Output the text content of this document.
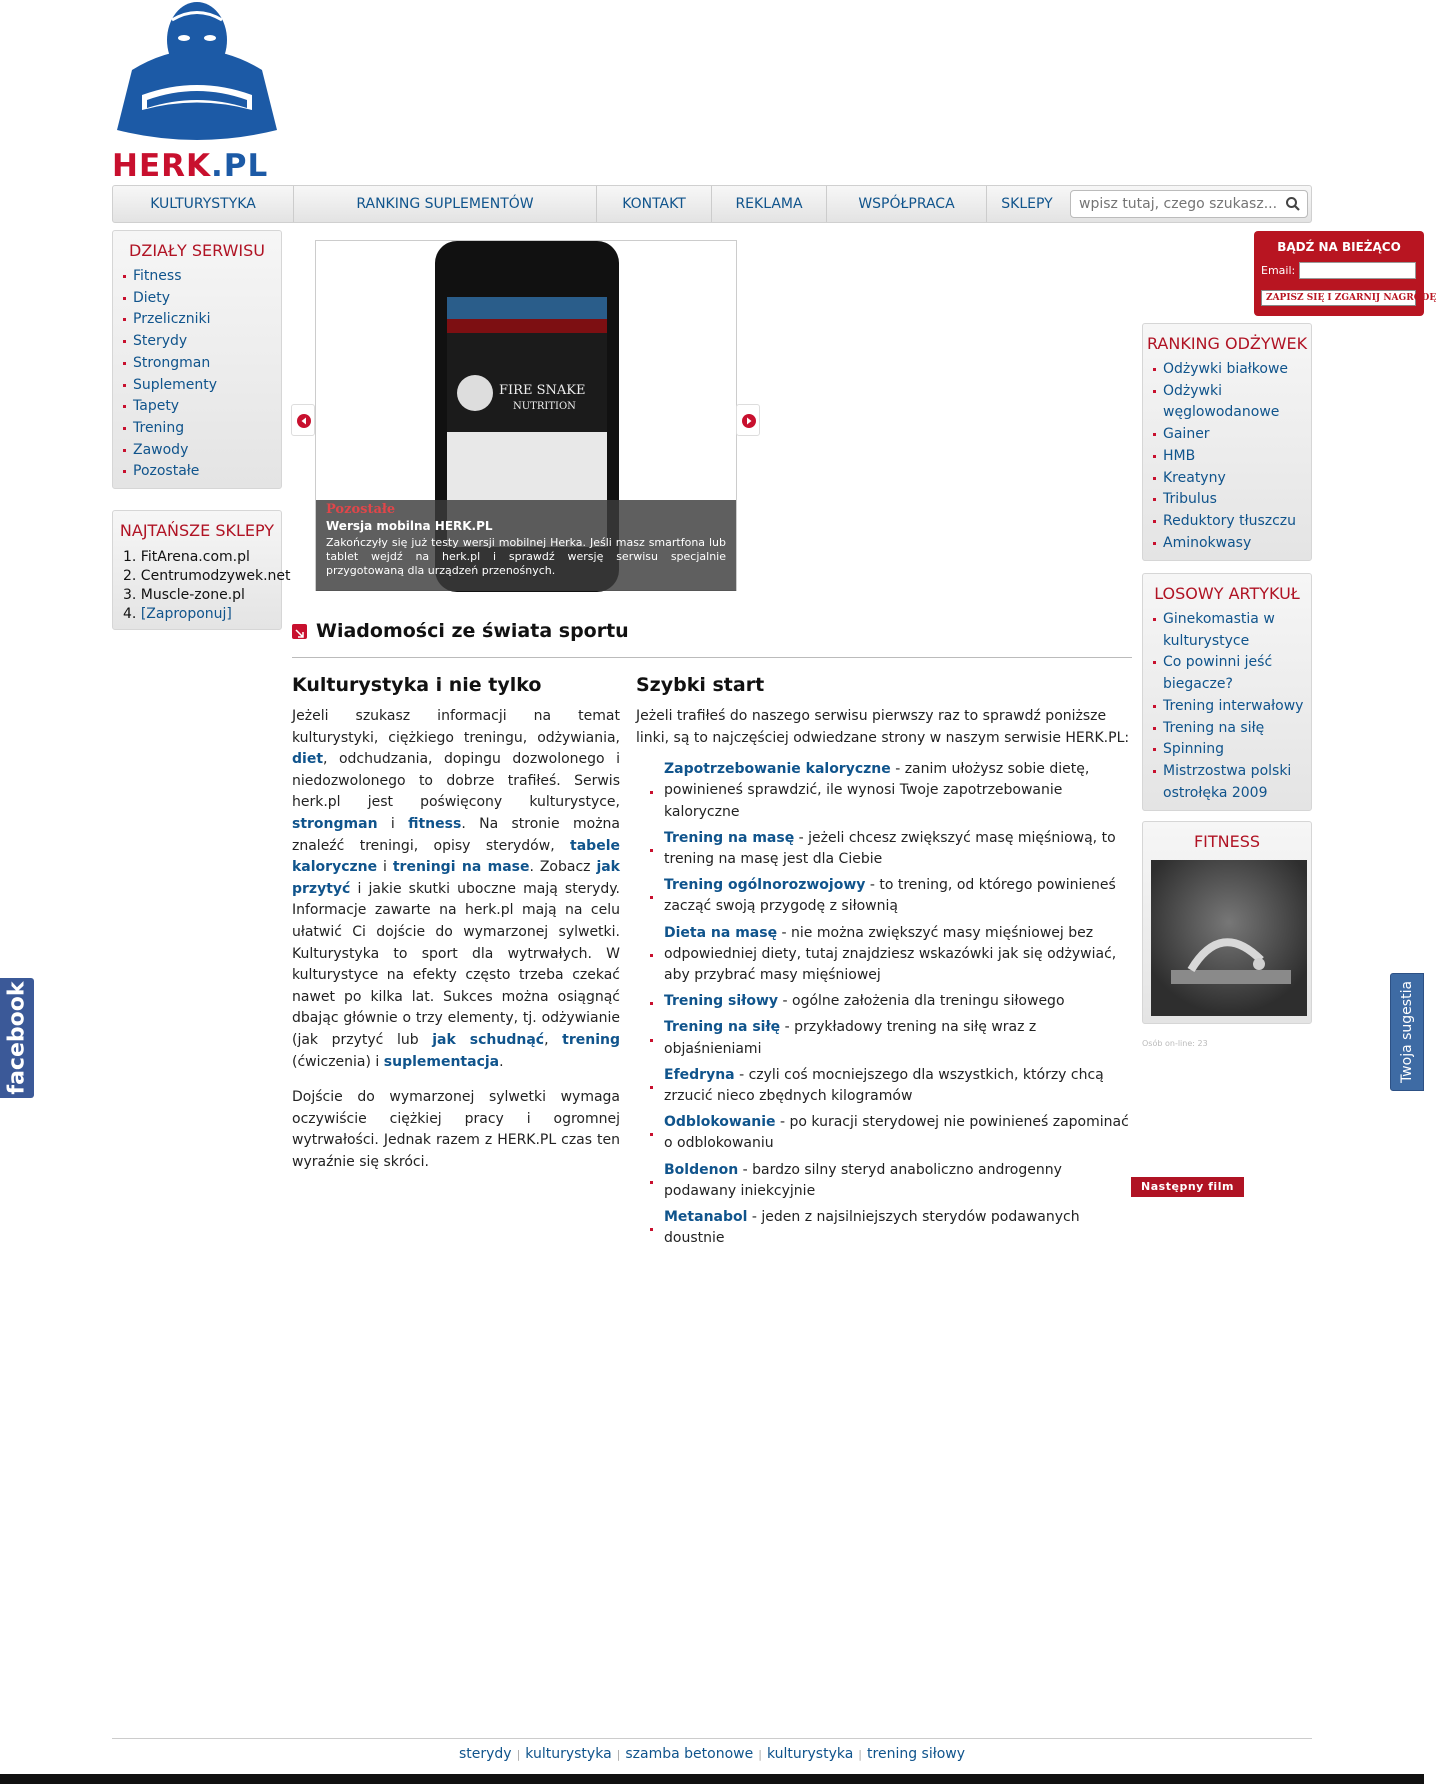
HERK.PL
KULTURYSTYKA	RANKING SUPLEMENTÓW	KONTAKT	REKLAMA	WSPÓŁPRACA	SKLEPY
wpisz tutaj, czego szukasz...
DZIAŁY SERWISU
Fitness
Diety
Przeliczniki
Sterydy
Strongman
Suplementy
Tapety
Trening
Zawody
Pozostałe
NAJTAŃSZE SKLEPY
1. FitArena.com.pl
2. Centrumodzywek.net
3. Muscle-zone.pl
4. [Zaproponuj]
FIRE SNAKE
NUTRITION
Pozostałe
Wersja mobilna HERK.PL
Zakończyły się już testy wersji mobilnej Herka. Jeśli masz smartfona lub tablet wejdź na herk.pl i sprawdź wersję serwisu specjalnie przygotowaną dla urządzeń przenośnych.
Wiadomości ze świata sportu
Kulturystyka i nie tylko
Jeżeli szukasz informacji na temat kulturystyki, ciężkiego treningu, odżywiania, diet, odchudzania, dopingu dozwolonego i niedozwolonego to dobrze trafiłeś. Serwis herk.pl jest poświęcony kulturystyce, strongman i fitness. Na stronie można znaleźć treningi, opisy sterydów, tabele kaloryczne i treningi na mase. Zobacz jak przytyć i jakie skutki uboczne mają sterydy. Informacje zawarte na herk.pl mają na celu ułatwić Ci dojście do wymarzonej sylwetki. Kulturystyka to sport dla wytrwałych. W kulturystyce na efekty często trzeba czekać nawet po kilka lat. Sukces można osiągnąć dbając głównie o trzy elementy, tj. odżywianie (jak przytyć lub jak schudnąć, trening (ćwiczenia) i suplementacja.
Dojście do wymarzonej sylwetki wymaga oczywiście ciężkiej pracy i ogromnej wytrwałości. Jednak razem z HERK.PL czas ten wyraźnie się skróci.
Szybki start
Jeżeli trafiłeś do naszego serwisu pierwszy raz to sprawdź poniższe linki, są to najczęściej odwiedzane strony w naszym serwisie HERK.PL:
Zapotrzebowanie kaloryczne - zanim ułożysz sobie dietę, powinieneś sprawdzić, ile wynosi Twoje zapotrzebowanie kaloryczne
Trening na masę - jeżeli chcesz zwiększyć masę mięśniową, to trening na masę jest dla Ciebie
Trening ogólnorozwojowy - to trening, od którego powinieneś zacząć swoją przygodę z siłownią
Dieta na masę - nie można zwiększyć masy mięśniowej bez odpowiedniej diety, tutaj znajdziesz wskazówki jak się odżywiać, aby przybrać masy mięśniowej
Trening siłowy - ogólne założenia dla treningu siłowego
Trening na siłę - przykładowy trening na siłę wraz z objaśnieniami
Efedryna - czyli coś mocniejszego dla wszystkich, którzy chcą zrzucić nieco zbędnych kilogramów
Odblokowanie - po kuracji sterydowej nie powinieneś zapominać o odblokowaniu
Boldenon - bardzo silny steryd anaboliczno androgenny podawany iniekcyjnie
Metanabol - jeden z najsilniejszych sterydów podawanych doustnie
Następny film
BĄDŹ NA BIEŻĄCO
Email:
ZAPISZ SIĘ I ZGARNIJ NAGRODĘ
RANKING ODŻYWEK
Odżywki białkowe
Odżywki węglowodanowe
Gainer
HMB
Kreatyny
Tribulus
Reduktory tłuszczu
Aminokwasy
LOSOWY ARTYKUŁ
Ginekomastia w kulturystyce
Co powinni jeść biegacze?
Trening interwałowy
Trening na siłę
Spinning
Mistrzostwa polski ostrołęka 2009
FITNESS
Osób on-line: 23
facebook	Twoja sugestia
sterydy | kulturystyka | szamba betonowe | kulturystyka | trening siłowy
